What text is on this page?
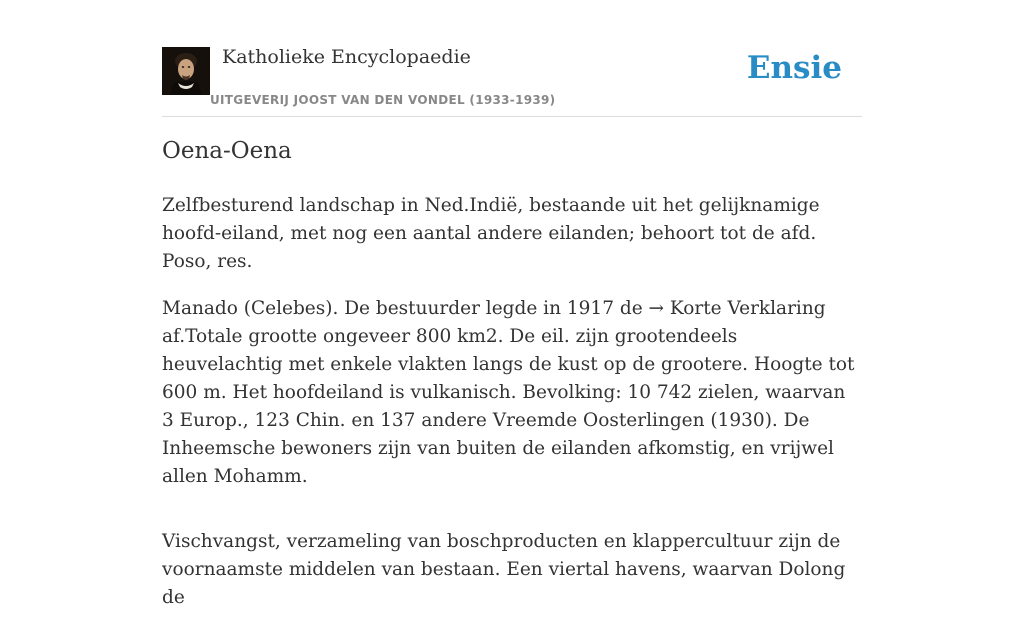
Katholieke Encyclopaedie
UITGEVERIJ JOOST VAN DEN VONDEL (1933-1939)
Ensie
Oena-Oena

Zelfbesturend landschap in Ned.Indië, bestaande uit het gelijknamige hoofd-eiland, met nog een aantal andere eilanden; behoort tot de afd. Poso, res.

Manado (Celebes). De bestuurder legde in 1917 de → Korte Verklaring af.Totale grootte ongeveer 800 km2. De eil. zijn grootendeels heuvelachtig met enkele vlakten langs de kust op de grootere. Hoogte tot 600 m. Het hoofdeiland is vulkanisch. Bevolking: 10 742 zielen, waarvan 3 Europ., 123 Chin. en 137 andere Vreemde Oosterlingen (1930). De Inheemsche bewoners zijn van buiten de eilanden afkomstig, en vrijwel allen Mohamm.

Vischvangst, verzameling van boschproducten en klappercultuur zijn de voornaamste middelen van bestaan. Een viertal havens, waarvan Dolong de
